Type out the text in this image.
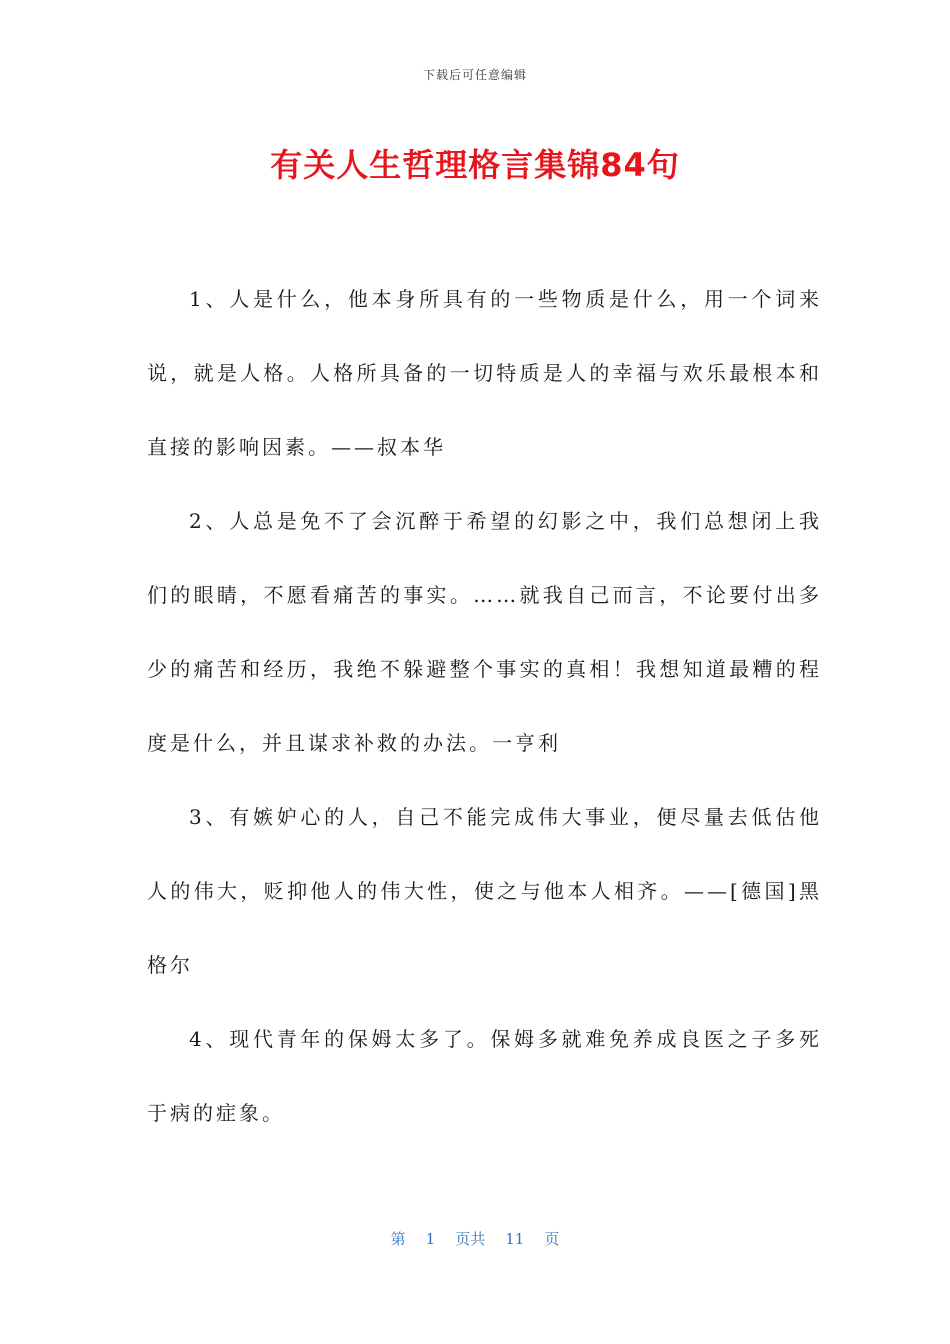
下载后可任意编辑
有关人生哲理格言集锦84句

1、人是什么，他本身所具有的一些物质是什么，用一个词来说，就是人格。人格所具备的一切特质是人的幸福与欢乐最根本和直接的影响因素。——叔本华

2、人总是免不了会沉醉于希望的幻影之中，我们总想闭上我们的眼睛，不愿看痛苦的事实。……就我自己而言，不论要付出多少的痛苦和经历，我绝不躲避整个事实的真相！我想知道最糟的程度是什么，并且谋求补救的办法。一亨利

3、有嫉妒心的人，自己不能完成伟大事业，便尽量去低估他人的伟大，贬抑他人的伟大性，使之与他本人相齐。——[德国]黑格尔

4、现代青年的保姆太多了。保姆多就难免养成良医之子多死于病的症象。

第 1 页共 11 页
